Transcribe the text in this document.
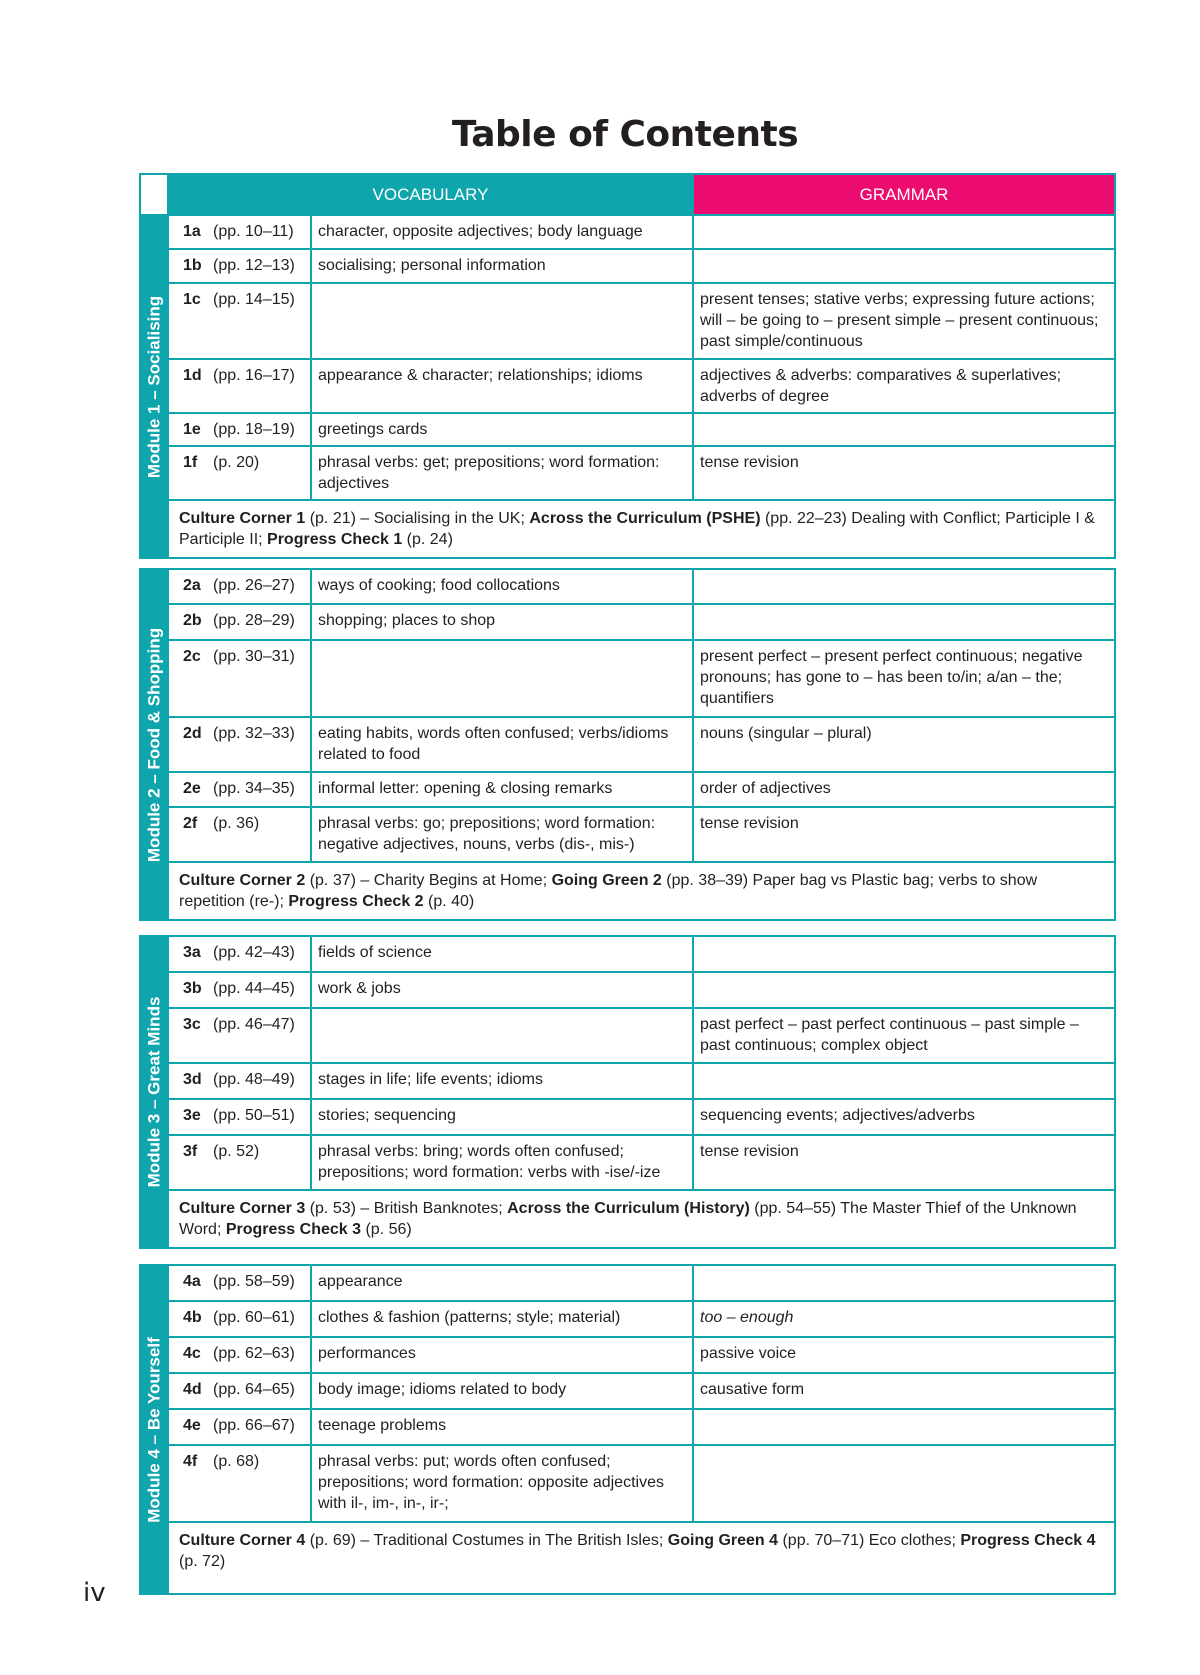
Table of Contents
	VOCABULARY	GRAMMAR
Module 1 – Socialising	1a (pp. 10–11)	character, opposite adjectives; body language	
	1b (pp. 12–13)	socialising; personal information	
	1c (pp. 14–15)		present tenses; stative verbs; expressing future actions; will – be going to – present simple – present continuous; past simple/continuous
	1d (pp. 16–17)	appearance & character; relationships; idioms	adjectives & adverbs: comparatives & superlatives; adverbs of degree
	1e (pp. 18–19)	greetings cards	
	1f (p. 20)	phrasal verbs: get; prepositions; word formation: adjectives	tense revision
	Culture Corner 1 (p. 21) – Socialising in the UK; Across the Curriculum (PSHE) (pp. 22–23) Dealing with Conflict; Participle I & Participle II; Progress Check 1 (p. 24)		
Module 2 – Food & Shopping	2a (pp. 26–27)	ways of cooking; food collocations	
	2b (pp. 28–29)	shopping; places to shop	
	2c (pp. 30–31)		present perfect – present perfect continuous; negative pronouns; has gone to – has been to/in; a/an – the; quantifiers
	2d (pp. 32–33)	eating habits, words often confused; verbs/idioms related to food	nouns (singular – plural)
	2e (pp. 34–35)	informal letter: opening & closing remarks	order of adjectives
	2f (p. 36)	phrasal verbs: go; prepositions; word formation: negative adjectives, nouns, verbs (dis-, mis-)	tense revision
	Culture Corner 2 (p. 37) – Charity Begins at Home; Going Green 2 (pp. 38–39) Paper bag vs Plastic bag; verbs to show repetition (re-); Progress Check 2 (p. 40)		
Module 3 – Great Minds	3a (pp. 42–43)	fields of science	
	3b (pp. 44–45)	work & jobs	
	3c (pp. 46–47)		past perfect – past perfect continuous – past simple – past continuous; complex object
	3d (pp. 48–49)	stages in life; life events; idioms	
	3e (pp. 50–51)	stories; sequencing	sequencing events; adjectives/adverbs
	3f (p. 52)	phrasal verbs: bring; words often confused; prepositions; word formation: verbs with -ise/-ize	tense revision
	Culture Corner 3 (p. 53) – British Banknotes; Across the Curriculum (History) (pp. 54–55) The Master Thief of the Unknown Word; Progress Check 3 (p. 56)		
Module 4 – Be Yourself	4a (pp. 58–59)	appearance	
	4b (pp. 60–61)	clothes & fashion (patterns; style; material)	too – enough
	4c (pp. 62–63)	performances	passive voice
	4d (pp. 64–65)	body image; idioms related to body	causative form
	4e (pp. 66–67)	teenage problems	
	4f (p. 68)	phrasal verbs: put; words often confused; prepositions; word formation: opposite adjectives with il-, im-, in-, ir-;	
	Culture Corner 4 (p. 69) – Traditional Costumes in The British Isles; Going Green 4 (pp. 70–71) Eco clothes; Progress Check 4 (p. 72)		
iv
